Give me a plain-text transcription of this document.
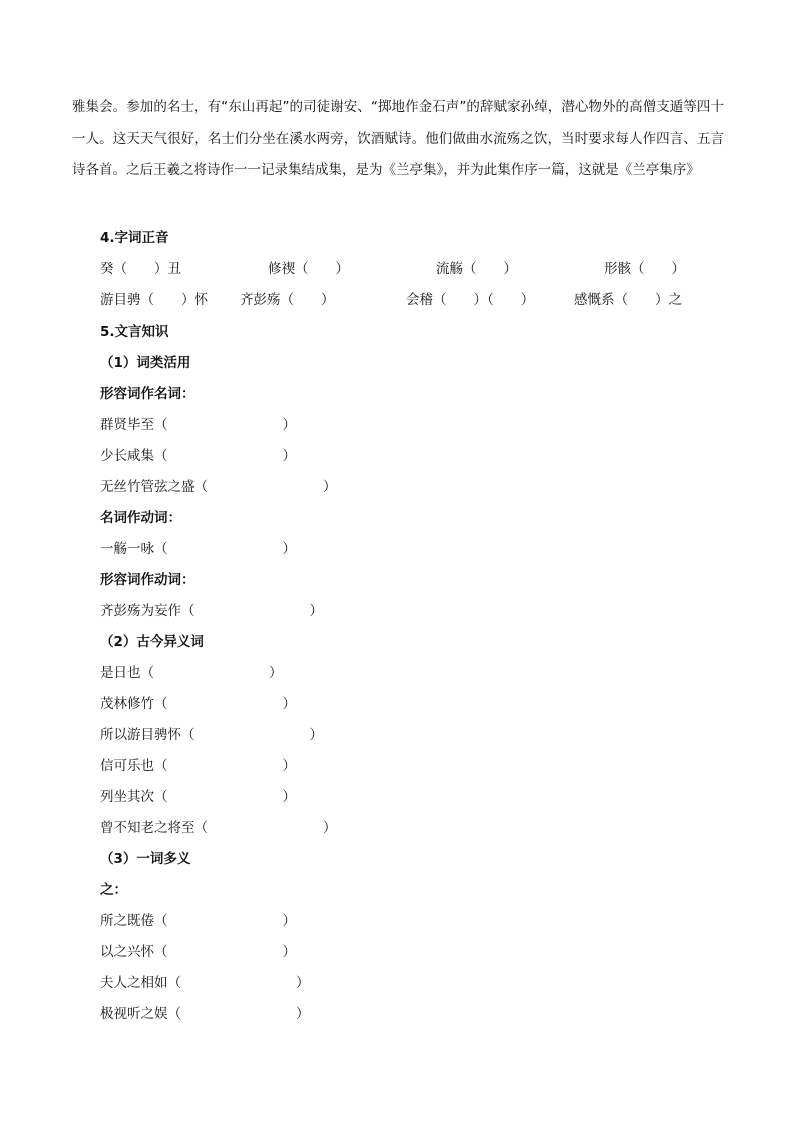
雅集会。参加的名士，有“东山再起”的司徒谢安、“掷地作金石声”的辞赋家孙绰，潜心物外的高僧支遁等四十一人。这天天气很好，名士们分坐在溪水两旁，饮酒赋诗。他们做曲水流殇之饮，当时要求每人作四言、五言诗各首。之后王羲之将诗作一一记录集结成集，是为《兰亭集》，并为此集作序一篇，这就是《兰亭集序》
4.字词正音
癸（　　）丑	修禊（　　）	流觞（　　）	形骸（　　）
游目骋（　　）怀 齐彭殇（　　）	会稽（　　）（　　）	感慨系（　　）之
5.文言知识
（1）词类活用
形容词作名词：
群贤毕至（	）
少长咸集（	）
无丝竹管弦之盛（	）
名词作动词：
一觞一咏（	）
形容词作动词：
齐彭殇为妄作（	）
（2）古今异义词
是日也（	）
茂林修竹（	）
所以游目骋怀（	）
信可乐也（	）
列坐其次（	）
曾不知老之将至（	）
（3）一词多义
之：
所之既倦（	）
以之兴怀（	）
夫人之相如（	）
极视听之娱（	）
